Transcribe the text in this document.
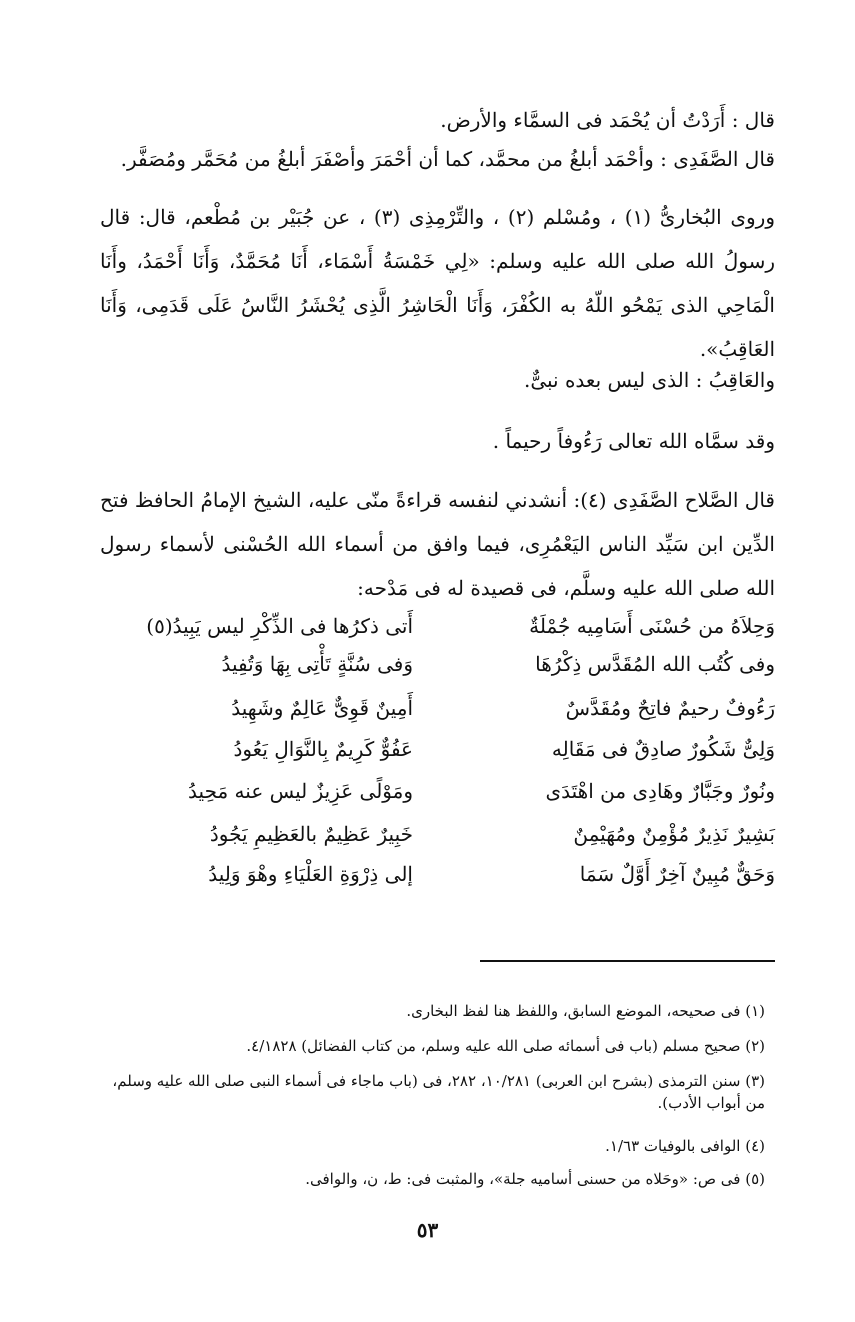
قال : أَرَدْتُ أن يُحْمَد فى السمَّاء والأرض.
قال الصَّفَدِى : وأحْمَد أبلغُ من محمَّد، كما أن أحْمَرَ وأصْفَرَ أبلغُ من مُحَمَّر ومُصَفَّر.
وروى البُخارىُّ (١) ، ومُسْلم (٢) ، والتِّرْمِذِى (٣) ، عن جُبَيْر بن مُطْعم، قال: قال رسولُ الله صلى الله عليه وسلم: «لِي خَمْسَةُ أَسْمَاء، أَنَا مُحَمَّدٌ، وَأَنَا أَحْمَدُ، وأَنَا الْمَاحِي الذى يَمْحُو اللّهُ به الكُفْرَ، وَأَنَا الْحَاشِرُ الَّذِى يُحْشَرُ النَّاسُ عَلَى قَدَمِى، وَأَنَا العَاقِبُ».
والعَاقِبُ : الذى ليس بعده نبىٌّ.
وقد سمَّاه الله تعالى رَءُوفاً رحيماً .
قال الصَّلاح الصَّفَدِى (٤): أنشدني لنفسه قراءةً منّى عليه، الشيخ الإمامُ الحافظ فتح الدِّين ابن سَيِّد الناس اليَعْمُرِى، فيما وافق من أسماء الله الحُسْنى لأسماء رسول الله صلى الله عليه وسلَّم، فى قصيدة له فى مَدْحه:
وَحِلاَهُ من حُسْنَى أَسَامِيه جُمْلَةٌ
أَتى ذكرُها فى الذِّكْرِ ليس يَبِيدُ(٥)
وفى كُتُب الله المُقَدَّس ذِكْرُهَا
وَفى سُنَّةٍ تَأْتِى بِهَا وَتُفِيدُ
رَءُوفٌ رحيمٌ فاتِحٌ ومُقَدَّسٌ
أَمِينٌ قَوِىٌّ عَالِمٌ وشَهِيدُ
وَلِىٌّ شَكُورٌ صادِقٌ فى مَقَالِه
عَفُوٌّ كَرِيمٌ بِالنَّوَالِ يَعُودُ
ونُورٌ وجَبَّارٌ وهَادِى من اهْتَدَى
ومَوْلًى عَزِيزٌ ليس عنه مَحِيدُ
بَشِيرٌ نَذِيرٌ مُؤْمِنٌ ومُهَيْمِنٌ
خَبِيرٌ عَظِيمٌ بالعَظِيمِ يَجُودُ
وَحَقٌّ مُبِينٌ آخِرٌ أَوَّلٌ سَمَا
إلى ذِرْوَةِ العَلْيَاءِ وهْوَ وَلِيدُ
(١) فى صحيحه، الموضع السابق، واللفظ هنا لفظ البخارى.
(٢) صحيح مسلم (باب فى أسمائه صلى الله عليه وسلم، من كتاب الفضائل) ٤/١٨٢٨.
(٣) سنن الترمذى (بشرح ابن العربى) ١٠/٢٨١، ٢٨٢، فى (باب ماجاء فى أسماء النبى صلى الله عليه وسلم، من أبواب الأدب).
(٤) الوافى بالوفيات ١/٦٣.
(٥) فى ص: «وحَلاه من حسنى أساميه جلة»، والمثبت فى: ط، ن، والوافى.
٥٣
